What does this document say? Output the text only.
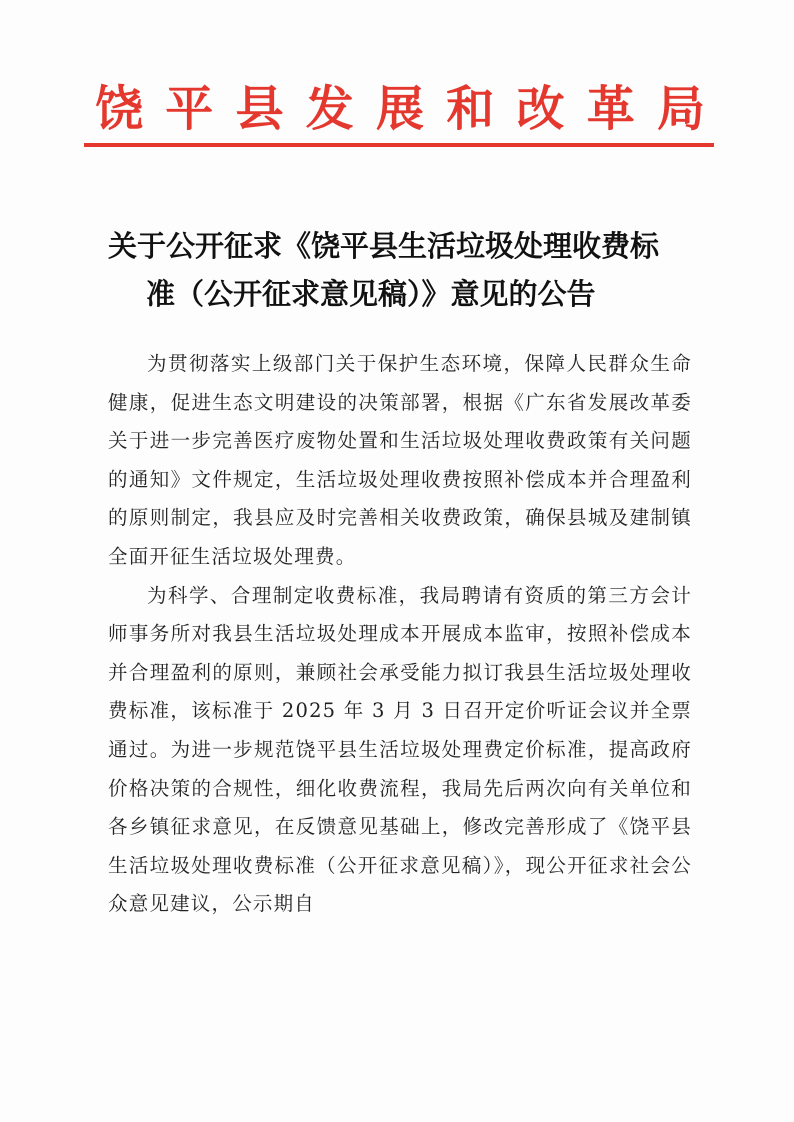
饶平县发展和改革局
关于公开征求《饶平县生活垃圾处理收费标
准（公开征求意见稿）》意见的公告

为贯彻落实上级部门关于保护生态环境，保障人民群众生命健康，促进生态文明建设的决策部署，根据《广东省发展改革委关于进一步完善医疗废物处置和生活垃圾处理收费政策有关问题的通知》文件规定，生活垃圾处理收费按照补偿成本并合理盈利的原则制定，我县应及时完善相关收费政策，确保县城及建制镇全面开征生活垃圾处理费。

为科学、合理制定收费标准，我局聘请有资质的第三方会计师事务所对我县生活垃圾处理成本开展成本监审，按照补偿成本并合理盈利的原则，兼顾社会承受能力拟订我县生活垃圾处理收费标准，该标准于 2025 年 3 月 3 日召开定价听证会议并全票通过。为进一步规范饶平县生活垃圾处理费定价标准，提高政府价格决策的合规性，细化收费流程，我局先后两次向有关单位和各乡镇征求意见，在反馈意见基础上，修改完善形成了《饶平县生活垃圾处理收费标准（公开征求意见稿）》，现公开征求社会公众意见建议，公示期自
